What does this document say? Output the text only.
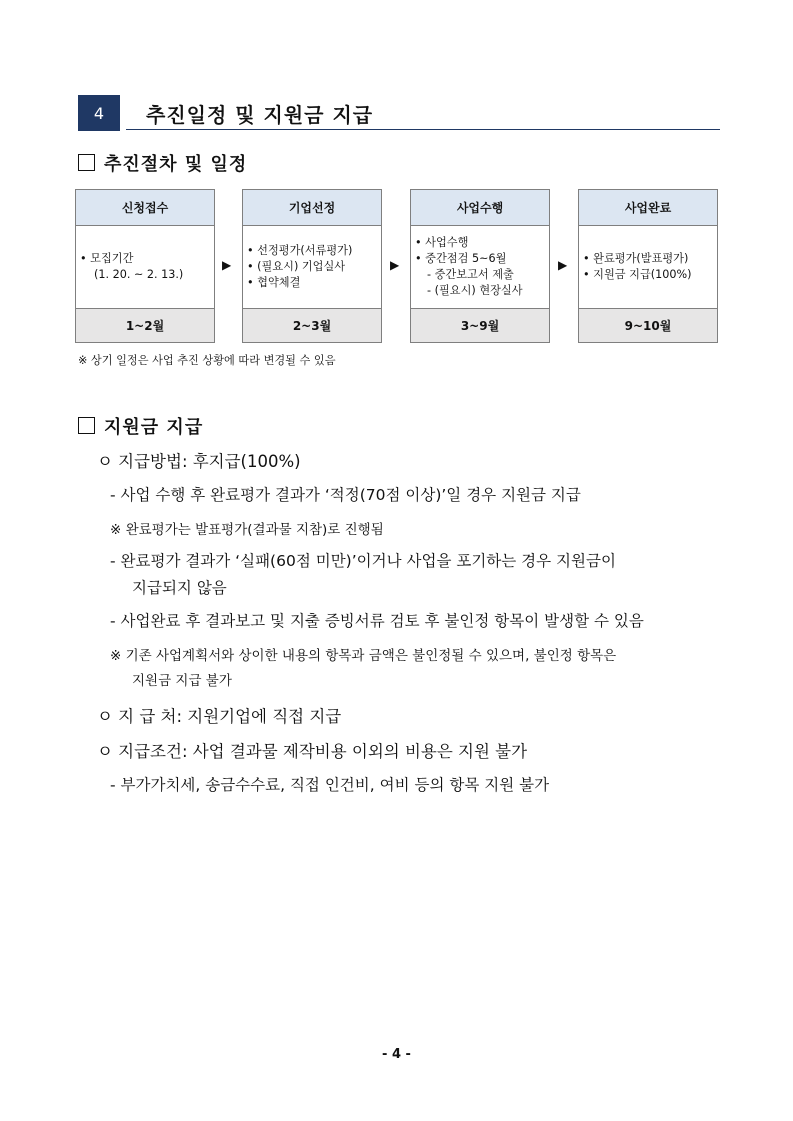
4	추진일정 및 지원금 지급
추진절차 및 일정
신청접수
• 모집기간
(1. 20. ~ 2. 13.)
1~2월
▶
기업선정
• 선정평가(서류평가)
• (필요시) 기업실사
• 협약체결
2~3월
▶
사업수행
• 사업수행
• 중간점검 5~6월
- 중간보고서 제출
- (필요시) 현장실사
3~9월
▶
사업완료
• 완료평가(발표평가)
• 지원금 지급(100%)
9~10월
※ 상기 일정은 사업 추진 상황에 따라 변경될 수 있음
지원금 지급
ㅇ 지급방법: 후지급(100%)
- 사업 수행 후 완료평가 결과가 ‘적정(70점 이상)’일 경우 지원금 지급
※ 완료평가는 발표평가(결과물 지참)로 진행됨
- 완료평가 결과가 ‘실패(60점 미만)’이거나 사업을 포기하는 경우 지원금이
지급되지 않음
- 사업완료 후 결과보고 및 지출 증빙서류 검토 후 불인정 항목이 발생할 수 있음
※ 기존 사업계획서와 상이한 내용의 항목과 금액은 불인정될 수 있으며, 불인정 항목은
지원금 지급 불가
ㅇ 지 급 처: 지원기업에 직접 지급
ㅇ 지급조건: 사업 결과물 제작비용 이외의 비용은 지원 불가
- 부가가치세, 송금수수료, 직접 인건비, 여비 등의 항목 지원 불가
- 4 -
